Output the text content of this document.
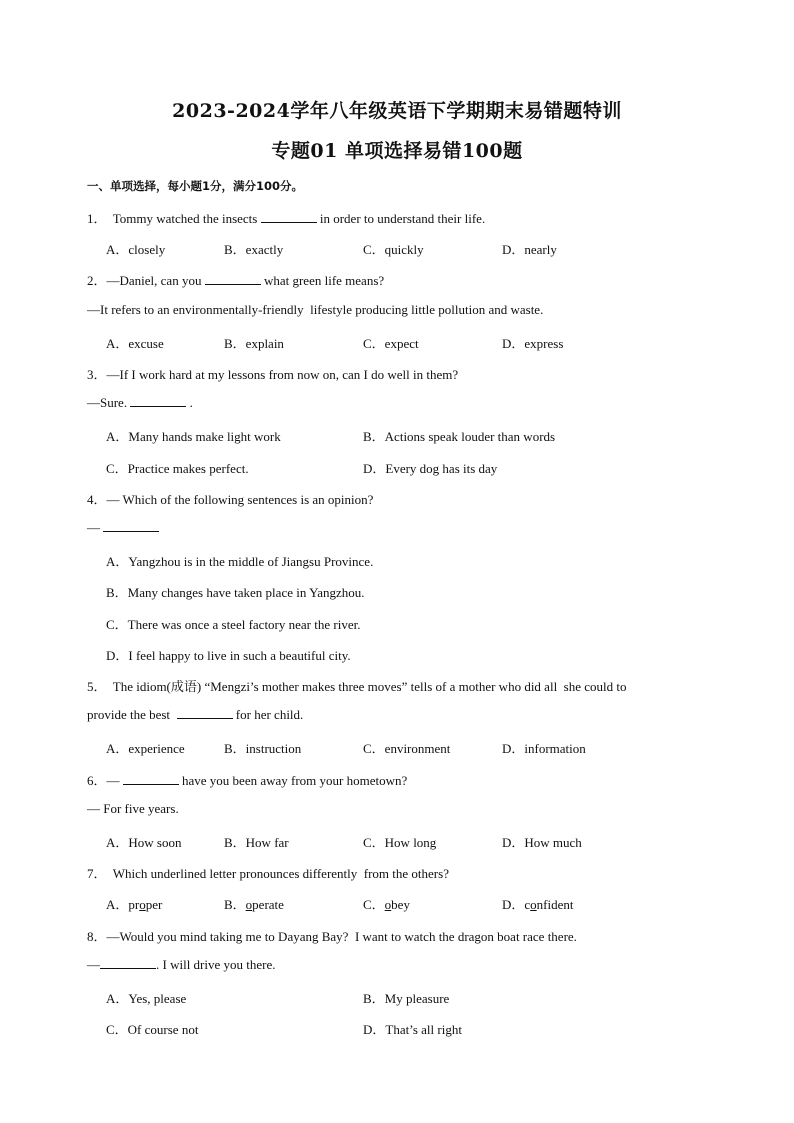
2023-2024学年八年级英语下学期期末易错题特训
专题01 单项选择易错100题
一、单项选择，每小题1分，满分100分。
1．  Tommy watched the insects	in order to understand their life.
A．closely	B．exactly	C．quickly	D．nearly
2．—Daniel, can you	what green life means?
—It refers to an environmentally-friendly  lifestyle producing little pollution and waste.
A．excuse	B．explain	C．expect	D．express
3．—If I work hard at my lessons from now on, can I do well in them?
—Sure.	.
A．Many hands make light work	B．Actions speak louder than words
C．Practice makes perfect.	D．Every dog has its day
4．— Which of the following sentences is an opinion?
—
A．Yangzhou is in the middle of Jiangsu Province.
B．Many changes have taken place in Yangzhou.
C．There was once a steel factory near the river.
D．I feel happy to live in such a beautiful city.
5．  The idiom(成语) “Mengzi’s mother makes three moves” tells of a mother who did all  she could to
provide the best	for her child.
A．experience	B．instruction	C．environment	D．information
6．—	have you been away from your hometown?
— For five years.
A．How soon	B．How far	C．How long	D．How much
7．  Which underlined letter pronounces differently  from the others?
A．proper	B．operate	C．obey	D．confident
8．—Would you mind taking me to Dayang Bay?  I want to watch the dragon boat race there.
—	. I will drive you there.
A．Yes, please	B．My pleasure
C．Of course not	D．That’s all right
